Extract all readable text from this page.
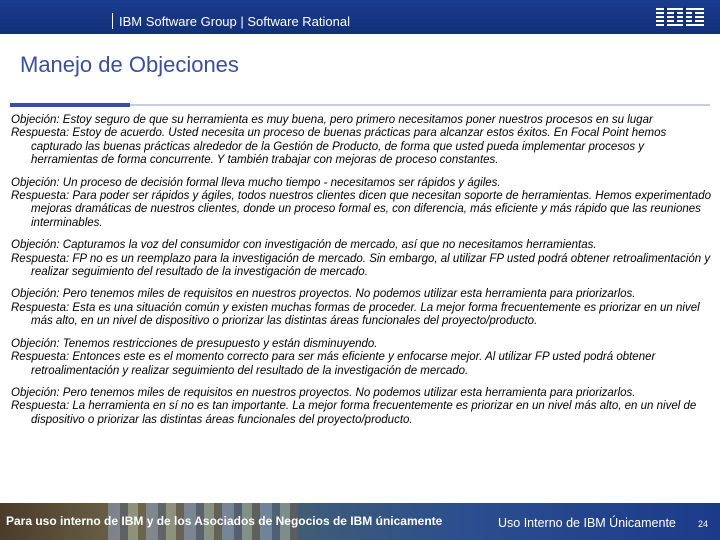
IBM Software Group | Software Rational
Manejo de Objeciones
Objeción: Estoy seguro de que su herramienta es muy buena, pero primero necesitamos poner nuestros procesos en su lugar
Respuesta: Estoy de acuerdo. Usted necesita un proceso de buenas prácticas para alcanzar estos éxitos. En Focal Point hemos capturado las buenas prácticas alrededor de la Gestión de Producto, de forma que usted pueda implementar procesos y herramientas de forma concurrente. Y también trabajar con mejoras de proceso constantes.
Objeción: Un proceso de decisión formal lleva mucho tiempo - necesitamos ser rápidos y ágiles.
Respuesta: Para poder ser rápidos y ágiles, todos nuestros clientes dicen que necesitan soporte de herramientas. Hemos experimentado mejoras dramáticas de nuestros clientes, donde un proceso formal es, con diferencia, más eficiente y más rápido que las reuniones interminables.
Objeción: Capturamos la voz del consumidor con investigación de mercado, así que no necesitamos herramientas.
Respuesta: FP no es un reemplazo para la investigación de mercado. Sin embargo, al utilizar FP usted podrá obtener retroalimentación y realizar seguimiento del resultado de la investigación de mercado.
Objeción: Pero tenemos miles de requisitos en nuestros proyectos. No podemos utilizar esta herramienta para priorizarlos.
Respuesta: Esta es una situación común y existen muchas formas de proceder. La mejor forma frecuentemente es priorizar en un nivel más alto, en un nivel de dispositivo o priorizar las distintas áreas funcionales del proyecto/producto.
Objeción: Tenemos restricciones de presupuesto y están disminuyendo.
Respuesta: Entonces este es el momento correcto para ser más eficiente y enfocarse mejor. Al utilizar FP usted podrá obtener retroalimentación y realizar seguimiento del resultado de la investigación de mercado.
Objeción: Pero tenemos miles de requisitos en nuestros proyectos. No podemos utilizar esta herramienta para priorizarlos.
Respuesta: La herramienta en sí no es tan importante. La mejor forma frecuentemente es priorizar en un nivel más alto, en un nivel de dispositivo o priorizar las distintas áreas funcionales del proyecto/producto.
Para uso interno de IBM y de los Asociados de Negocios de IBM únicamente	Uso Interno de IBM Únicamente 24
